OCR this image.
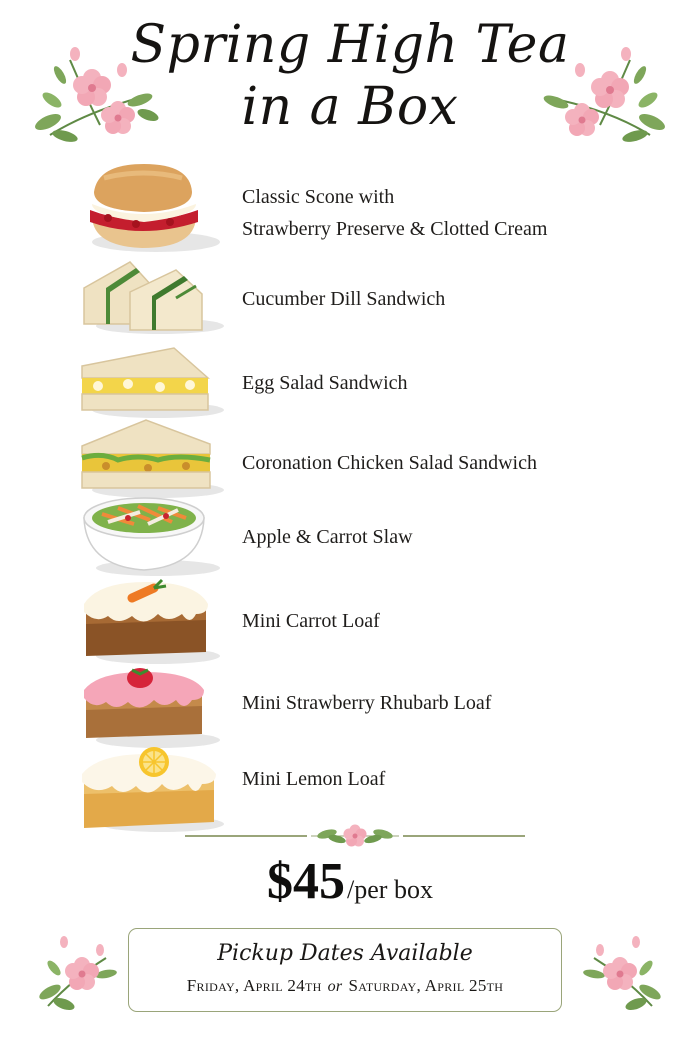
Spring High Tea
in a Box
Classic Scone with
Strawberry Preserve & Clotted Cream
Cucumber Dill Sandwich
Egg Salad Sandwich
Coronation Chicken Salad Sandwich
Apple & Carrot Slaw
Mini Carrot Loaf
Mini Strawberry Rhubarb Loaf
Mini Lemon Loaf
$45/per box
Pickup Dates Available
Friday, April 24th or Saturday, April 25th
